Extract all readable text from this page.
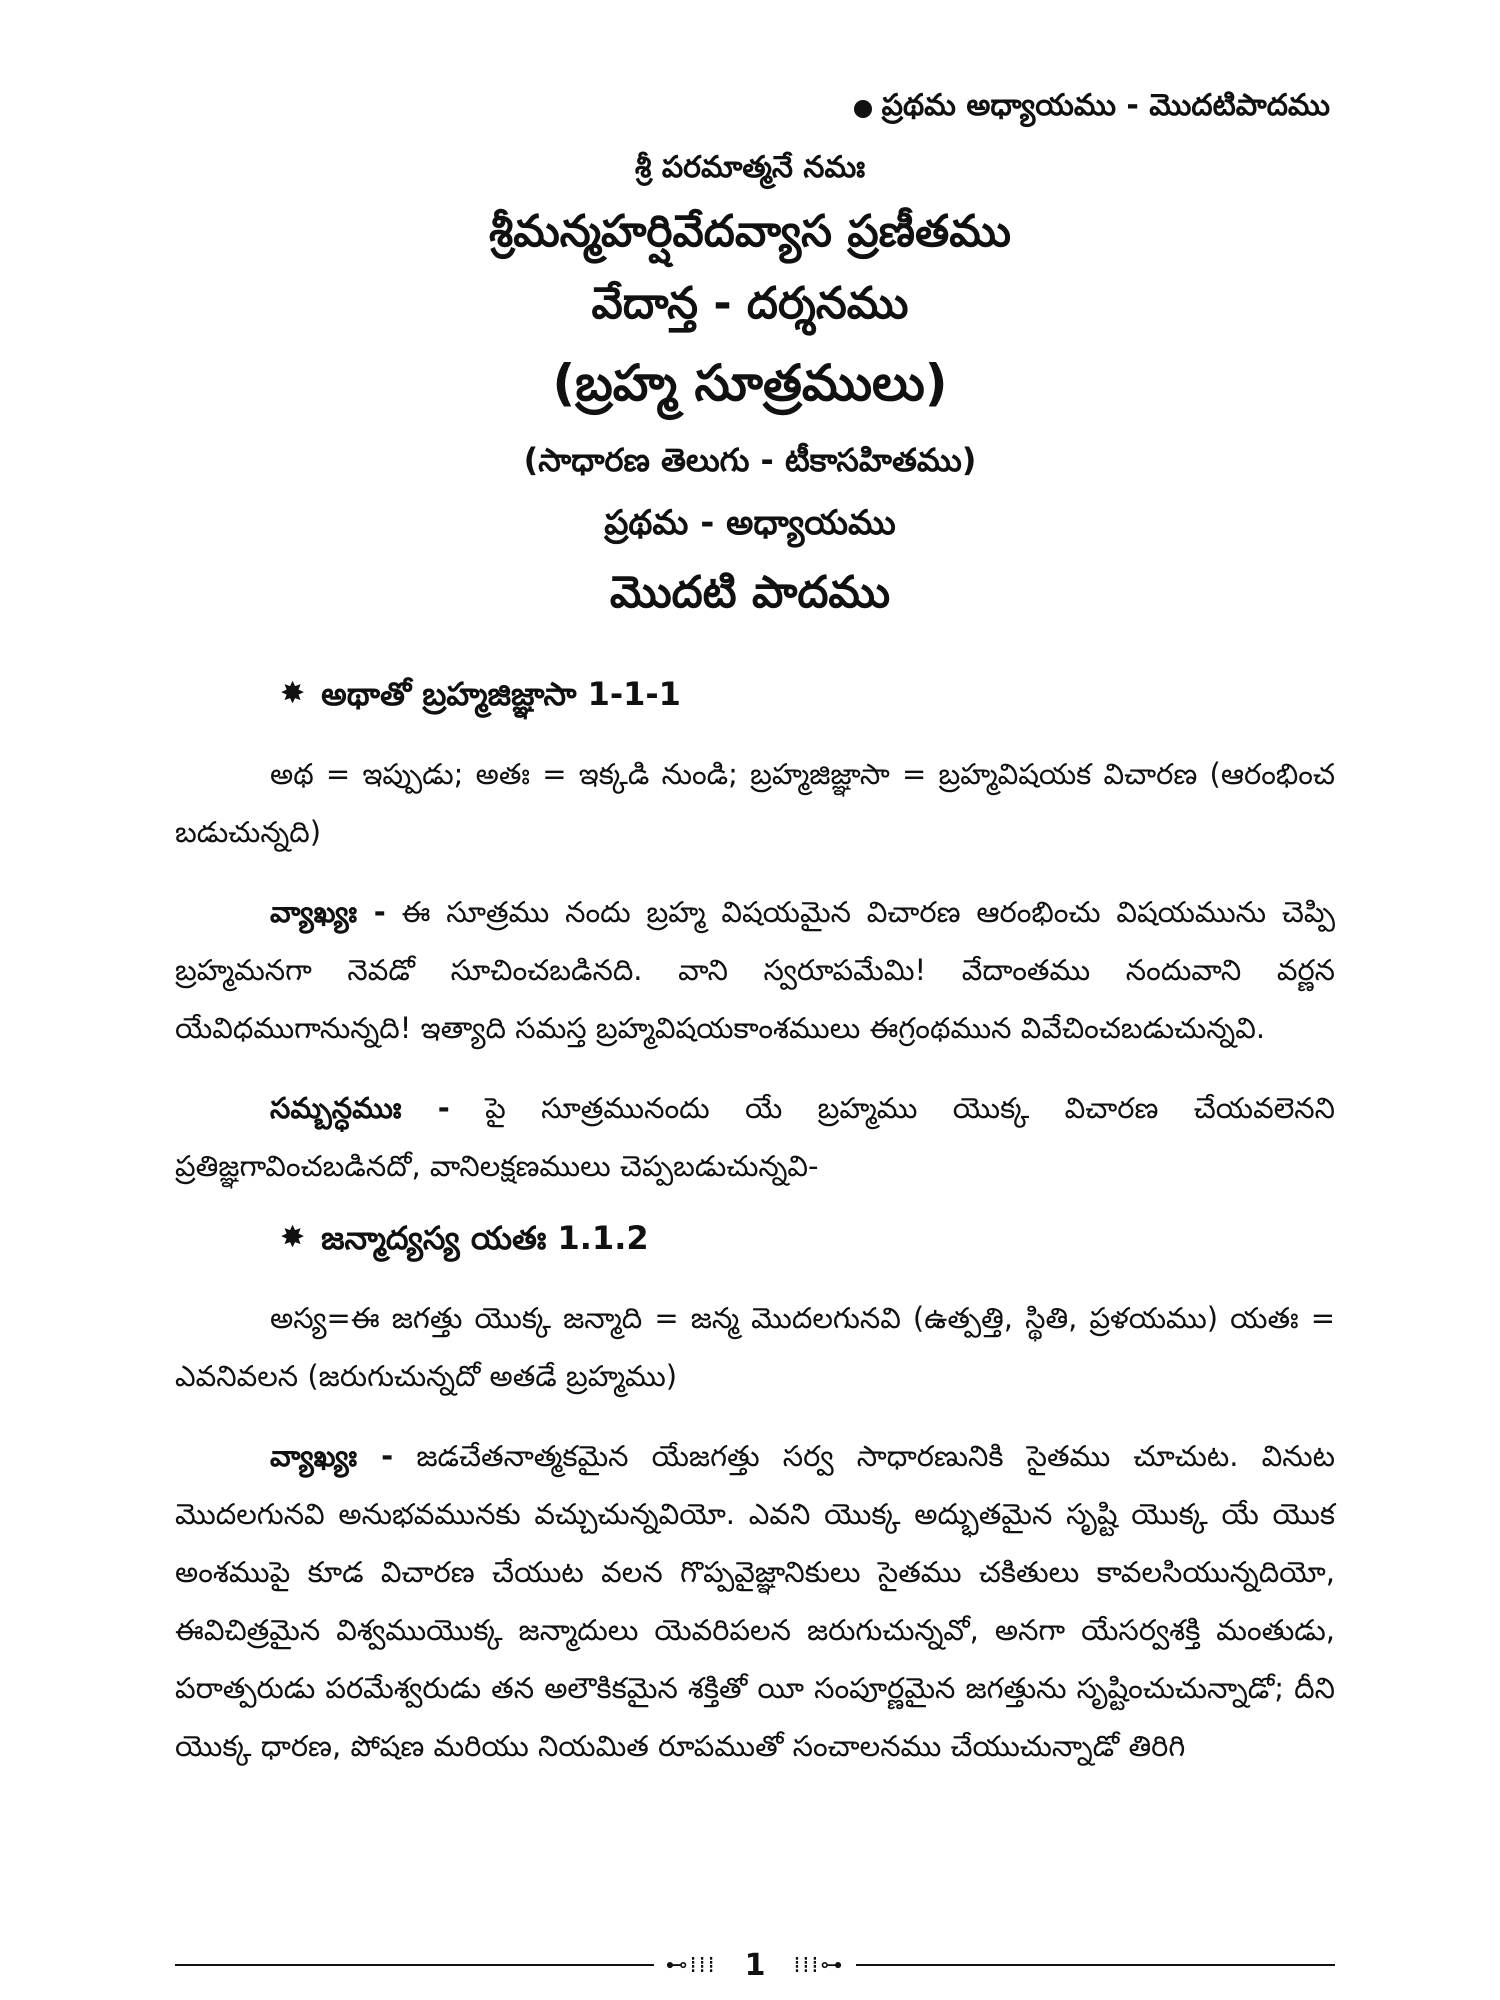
ప్రథమ అధ్యాయము - మొదటిపాదము
శ్రీ పరమాత్మనే నమః
శ్రీమన్మహర్షివేదవ్యాస ప్రణీతము
వేదాన్త - దర్శనము
(బ్రహ్మ సూత్రములు)
(సాధారణ తెలుగు - టీకాసహితము)
ప్రథమ - అధ్యాయము
మొదటి పాదము
✸ అథాతో బ్రహ్మజిజ్ఞాసా 1-1-1

అథ = ఇప్పుడు; అతః = ఇక్కడి నుండి; బ్రహ్మజిజ్ఞాసా = బ్రహ్మవిషయక విచారణ (ఆరంభించ బడుచున్నది)

వ్యాఖ్యః - ఈ సూత్రము నందు బ్రహ్మ విషయమైన విచారణ ఆరంభించు విషయమును చెప్పి బ్రహ్మమనగా నెవడో సూచించబడినది. వాని స్వరూపమేమి! వేదాంతము నందువాని వర్ణన యేవిధముగానున్నది! ఇత్యాది సమస్త బ్రహ్మవిషయకాంశములు ఈగ్రంథమున వివేచించబడుచున్నవి.

సమ్బన్ధముః - పై సూత్రమునందు యే బ్రహ్మము యొక్క విచారణ చేయవలెనని ప్రతిజ్ఞగావించబడినదో, వానిలక్షణములు చెప్పబడుచున్నవి-

✸ జన్మాద్యస్య యతః 1.1.2

అస్య=ఈ జగత్తు యొక్క జన్మాది = జన్మ మొదలగునవి (ఉత్పత్తి, స్థితి, ప్రళయము) యతః = ఎవనివలన (జరుగుచున్నదో అతడే బ్రహ్మము)

వ్యాఖ్యః - జడచేతనాత్మకమైన యేజగత్తు సర్వ సాధారణునికి సైతము చూచుట. వినుట మొదలగునవి అనుభవమునకు వచ్చుచున్నవియో. ఎవని యొక్క అద్భుతమైన సృష్టి యొక్క యే యొక అంశముపై కూడ విచారణ చేయుట వలన గొప్పవైజ్ఞానికులు సైతము చకితులు కావలసియున్నదియో, ఈవిచిత్రమైన విశ్వముయొక్క జన్మాదులు యెవరిపలన జరుగుచున్నవో, అనగా యేసర్వశక్తి మంతుడు, పరాత్పరుడు పరమేశ్వరుడు తన అలౌకికమైన శక్తితో యీ సంపూర్ణమైన జగత్తును సృష్టించుచున్నాడో; దీని యొక్క ధారణ, పోషణ మరియు నియమిత రూపముతో సంచాలనము చేయుచున్నాడో తిరిగి

⊷⁞⁞⁞ 1 ⁞⁞⁞⊶
